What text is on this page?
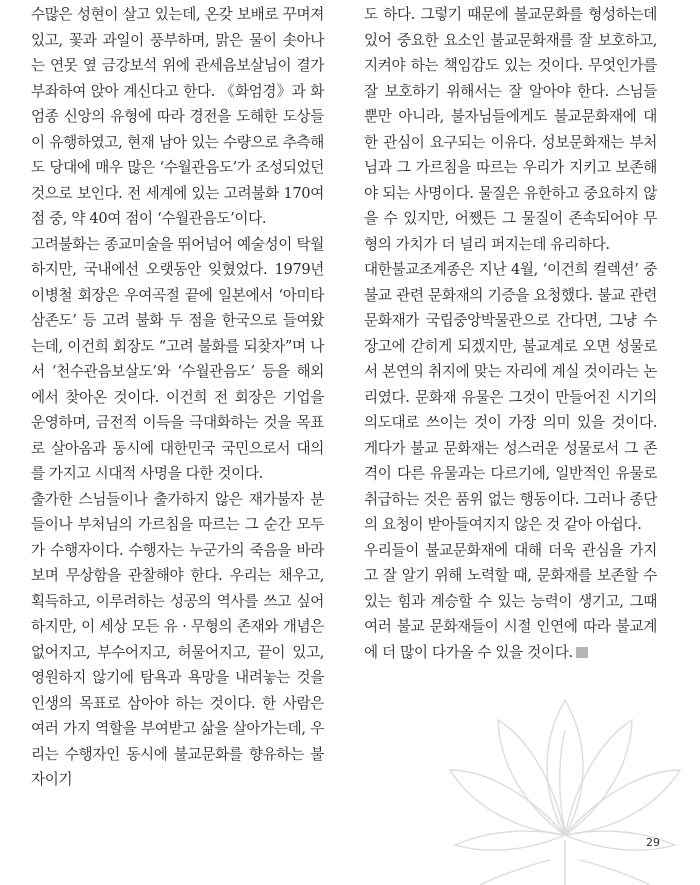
수많은 성현이 살고 있는데, 온갖 보배로 꾸며져 있고, 꽃과 과일이 풍부하며, 맑은 물이 솟아나는 연못 옆 금강보석 위에 관세음보살님이 결가부좌하여 앉아 계신다고 한다. 《화엄경》과 화엄종 신앙의 유형에 따라 경전을 도해한 도상들이 유행하였고, 현재 남아 있는 수량으로 추측해도 당대에 매우 많은 ‘수월관음도’가 조성되었던 것으로 보인다. 전 세계에 있는 고려불화 170여 점 중, 약 40여 점이 ‘수월관음도’이다.

고려불화는 종교미술을 뛰어넘어 예술성이 탁월하지만, 국내에선 오랫동안 잊혔었다. 1979년 이병철 회장은 우여곡절 끝에 일본에서 ‘아미타삼존도’ 등 고려 불화 두 점을 한국으로 들여왔는데, 이건희 회장도 “고려 불화를 되찾자”며 나서 ‘천수관음보살도’와 ‘수월관음도’ 등을 해외에서 찾아온 것이다. 이건희 전 회장은 기업을 운영하며, 금전적 이득을 극대화하는 것을 목표로 살아옴과 동시에 대한민국 국민으로서 대의를 가지고 시대적 사명을 다한 것이다.

출가한 스님들이나 출가하지 않은 재가불자 분들이나 부처님의 가르침을 따르는 그 순간 모두가 수행자이다. 수행자는 누군가의 죽음을 바라보며 무상함을 관찰해야 한다. 우리는 채우고, 획득하고, 이루려하는 성공의 역사를 쓰고 싶어 하지만, 이 세상 모든 유 · 무형의 존재와 개념은 없어지고, 부수어지고, 허물어지고, 끝이 있고, 영원하지 않기에 탐욕과 욕망을 내려놓는 것을 인생의 목표로 삼아야 하는 것이다. 한 사람은 여러 가지 역할을 부여받고 삶을 살아가는데, 우리는 수행자인 동시에 불교문화를 향유하는 불자이기

도 하다. 그렇기 때문에 불교문화를 형성하는데 있어 중요한 요소인 불교문화재를 잘 보호하고, 지켜야 하는 책임감도 있는 것이다. 무엇인가를 잘 보호하기 위해서는 잘 알아야 한다. 스님들 뿐만 아니라, 불자님들에게도 불교문화재에 대한 관심이 요구되는 이유다. 성보문화재는 부처님과 그 가르침을 따르는 우리가 지키고 보존해야 되는 사명이다. 물질은 유한하고 중요하지 않을 수 있지만, 어쨌든 그 물질이 존속되어야 무형의 가치가 더 널리 퍼지는데 유리하다.

대한불교조계종은 지난 4월, ‘이건희 컬렉션’ 중 불교 관련 문화재의 기증을 요청했다. 불교 관련 문화재가 국립중앙박물관으로 간다면, 그냥 수장고에 갇히게 되겠지만, 불교계로 오면 성물로서 본연의 취지에 맞는 자리에 계실 것이라는 논리였다. 문화재 유물은 그것이 만들어진 시기의 의도대로 쓰이는 것이 가장 의미 있을 것이다. 게다가 불교 문화재는 성스러운 성물로서 그 존격이 다른 유물과는 다르기에, 일반적인 유물로 취급하는 것은 품위 없는 행동이다. 그러나 종단의 요청이 받아들여지지 않은 것 같아 아쉽다.

우리들이 불교문화재에 대해 더욱 관심을 가지고 잘 알기 위해 노력할 때, 문화재를 보존할 수 있는 힘과 계승할 수 있는 능력이 생기고, 그때 여러 불교 문화재들이 시절 인연에 따라 불교계에 더 많이 다가올 수 있을 것이다.

29
